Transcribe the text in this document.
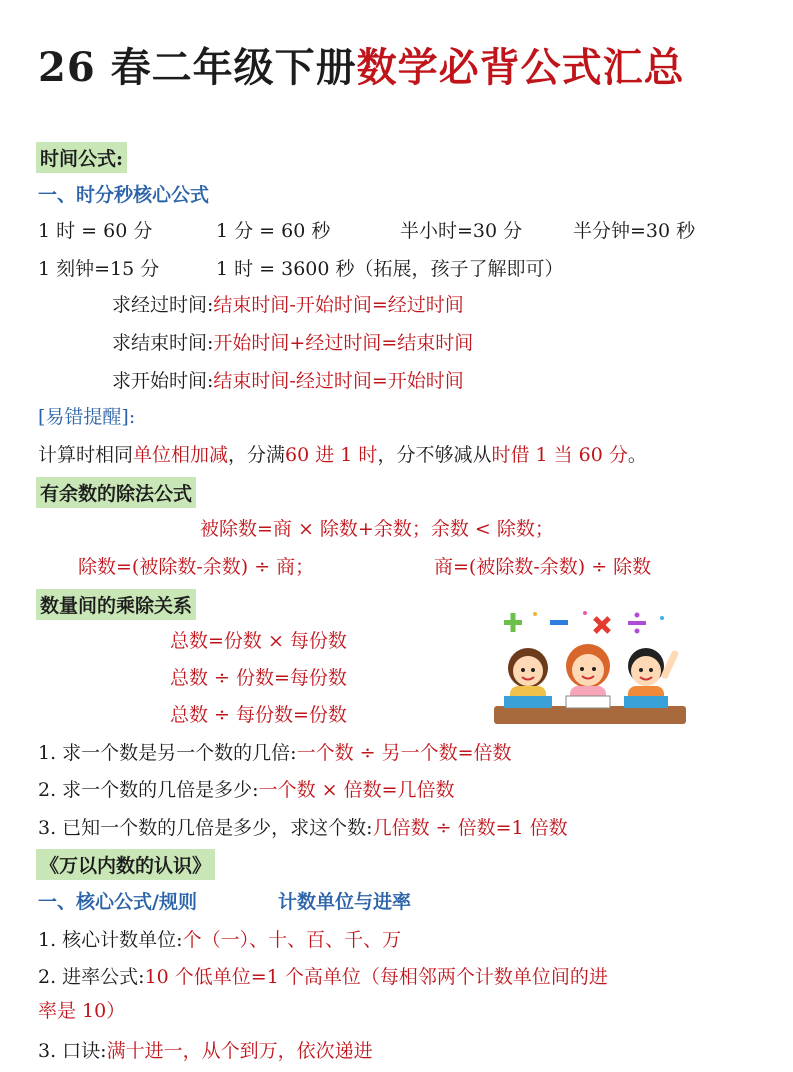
26 春二年级下册数学必背公式汇总
时间公式:
一、时分秒核心公式
1 时 = 60 分	1 分 = 60 秒	半小时=30 分	半分钟=30 秒
1 刻钟=15 分	1 时 = 3600 秒（拓展，孩子了解即可）
求经过时间:结束时间-开始时间=经过时间
求结束时间:开始时间+经过时间=结束时间
求开始时间:结束时间-经过时间=开始时间
[易错提醒]:
计算时相同单位相加减，分满60 进 1 时，分不够减从时借 1 当 60 分。
有余数的除法公式
被除数=商 × 除数+余数；余数 < 除数；
除数=(被除数-余数) ÷ 商；	商=(被除数-余数) ÷ 除数
数量间的乘除关系
总数=份数 × 每份数
总数 ÷ 份数=每份数
总数 ÷ 每份数=份数
1. 求一个数是另一个数的几倍:一个数 ÷ 另一个数=倍数
2. 求一个数的几倍是多少:一个数 × 倍数=几倍数
3. 已知一个数的几倍是多少，求这个数:几倍数 ÷ 倍数=1 倍数
《万以内数的认识》
一、核心公式/规则	计数单位与进率
1. 核心计数单位:个（一）、十、百、千、万
2. 进率公式:10 个低单位=1 个高单位（每相邻两个计数单位间的进
率是 10）
3. 口诀:满十进一，从个到万，依次递进
